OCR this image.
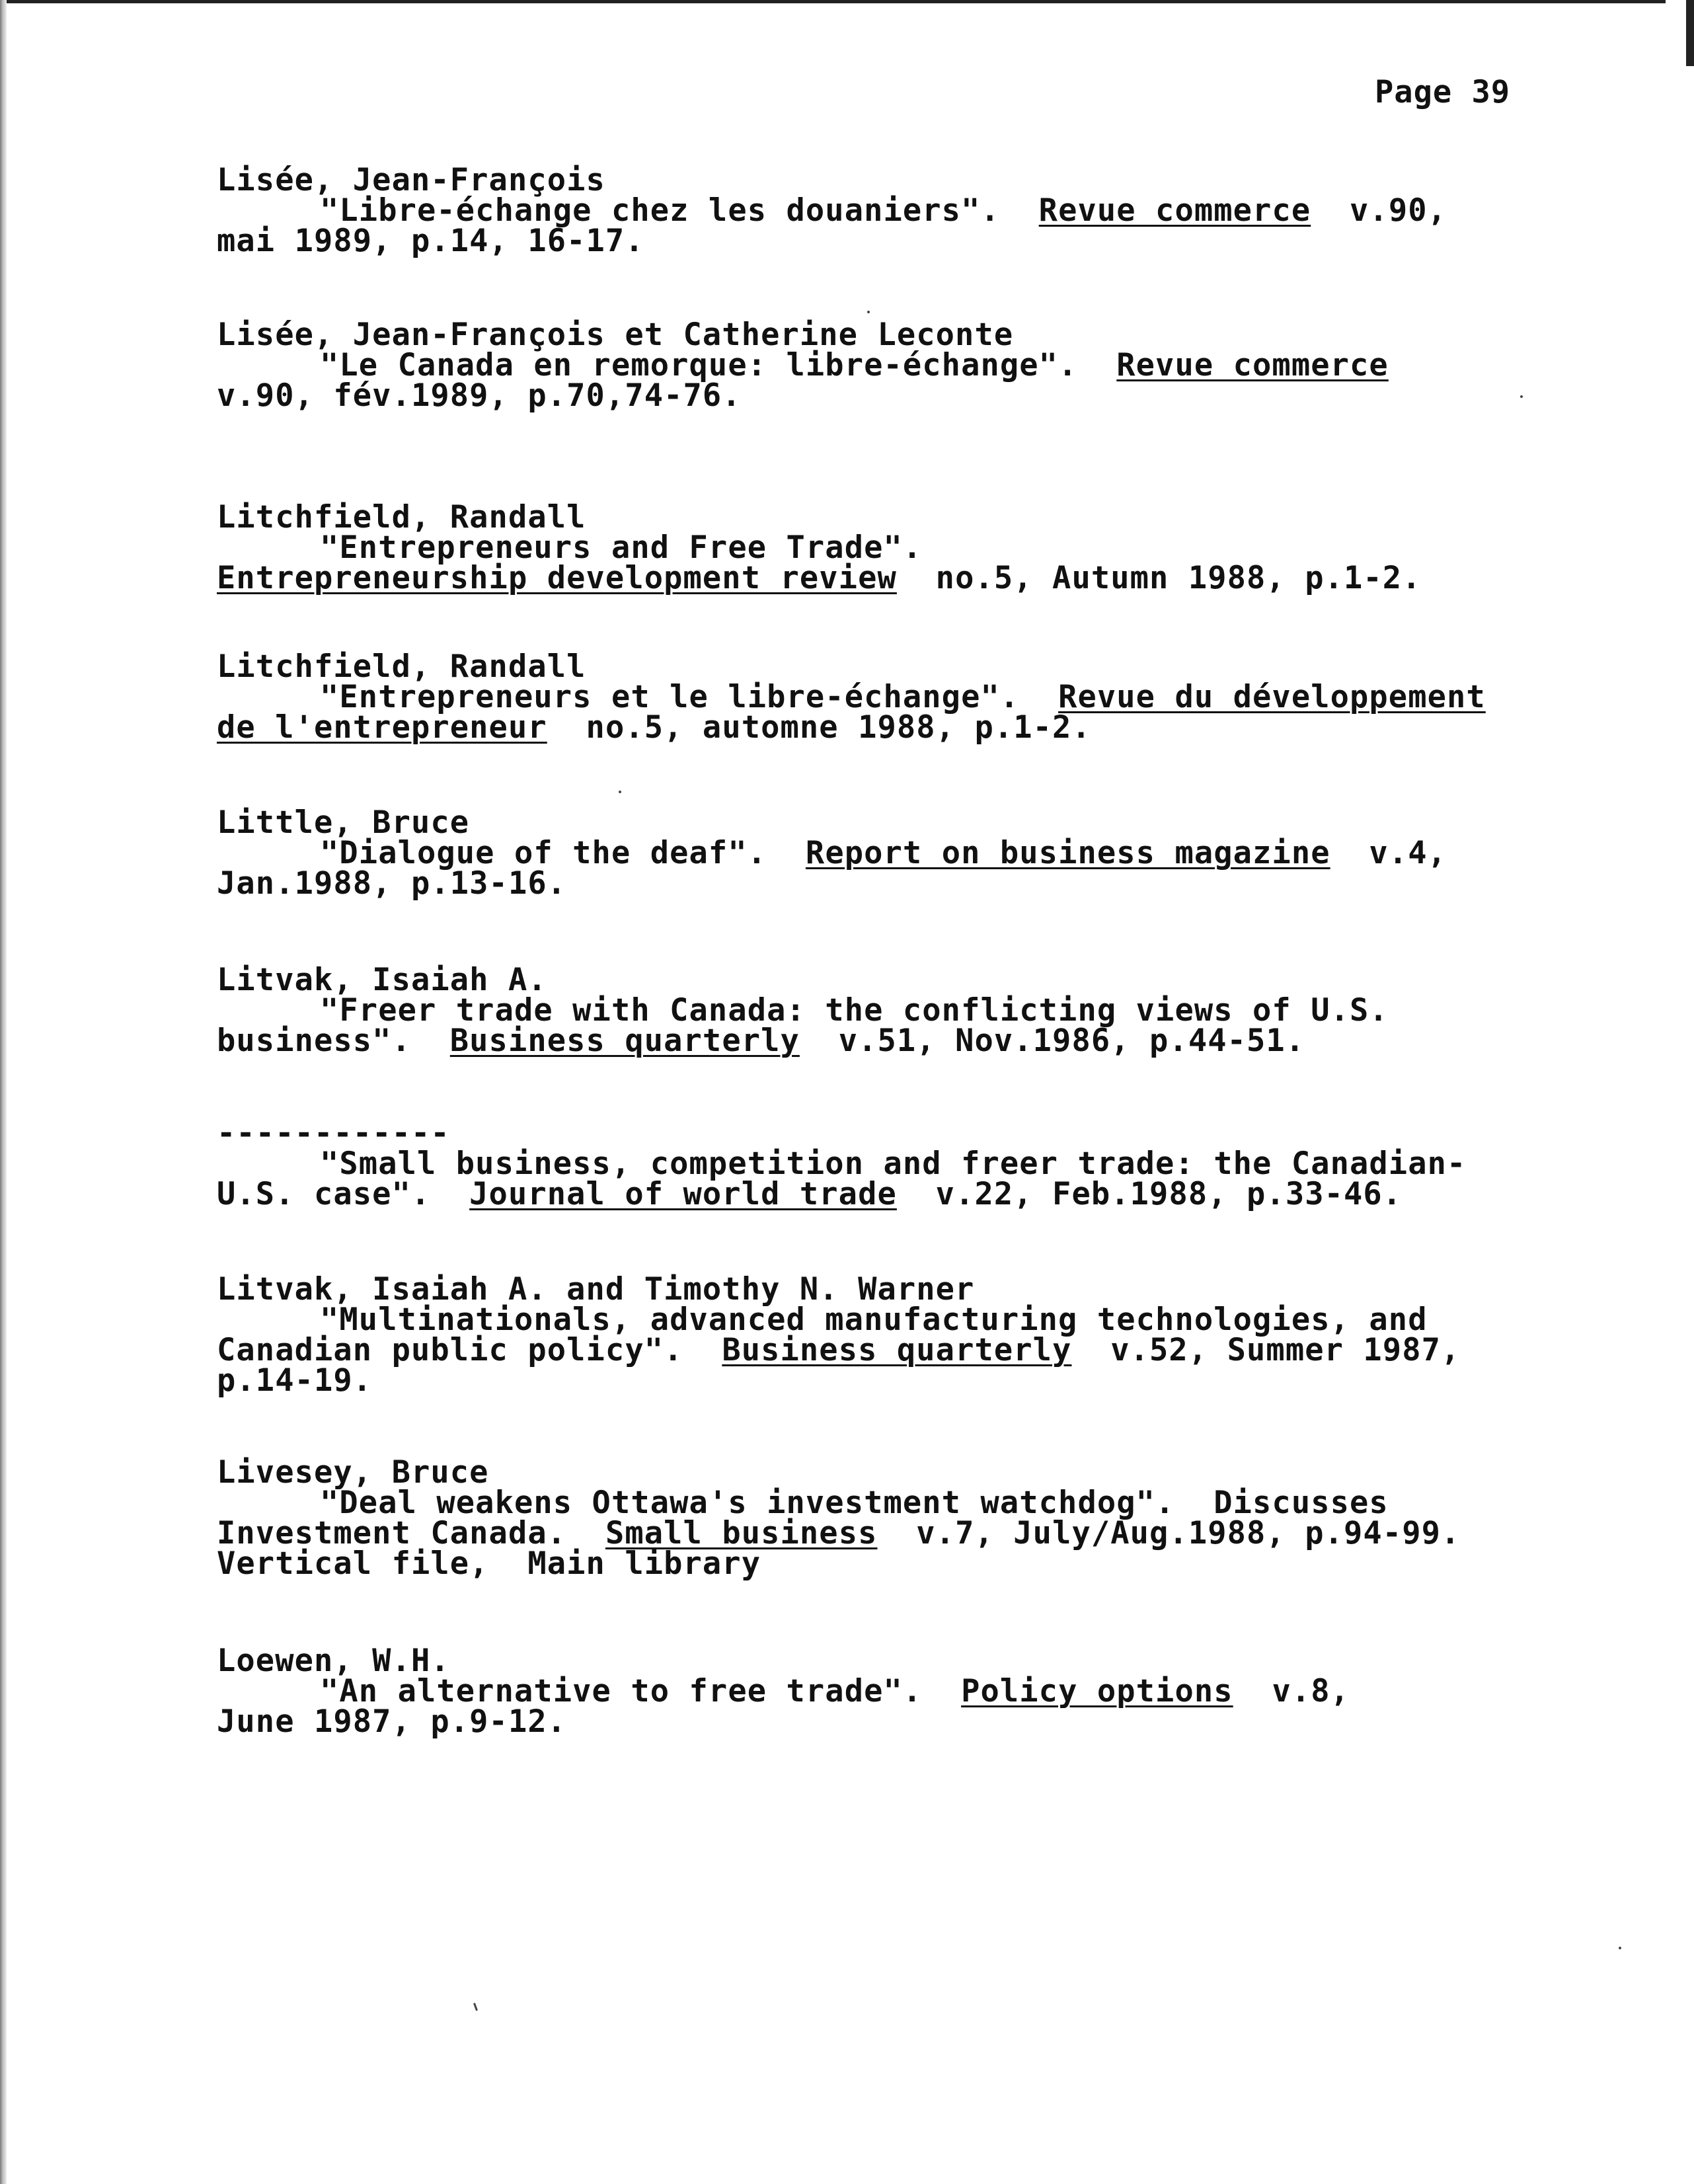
Page 39
Lisée, Jean-François
"Libre-échange chez les douaniers".  Revue commerce  v.90,
mai 1989, p.14, 16-17.
Lisée, Jean-François et Catherine Leconte
"Le Canada en remorque: libre-échange".  Revue commerce
v.90, fév.1989, p.70,74-76.
Litchfield, Randall
"Entrepreneurs and Free Trade".
Entrepreneurship development review  no.5, Autumn 1988, p.1-2.
Litchfield, Randall
"Entrepreneurs et le libre-échange".  Revue du développement
de l'entrepreneur  no.5, automne 1988, p.1-2.
Little, Bruce
"Dialogue of the deaf".  Report on business magazine  v.4,
Jan.1988, p.13-16.
Litvak, Isaiah A.
"Freer trade with Canada: the conflicting views of U.S.
business".  Business quarterly  v.51, Nov.1986, p.44-51.
------------
"Small business, competition and freer trade: the Canadian-
U.S. case".  Journal of world trade  v.22, Feb.1988, p.33-46.
Litvak, Isaiah A. and Timothy N. Warner
"Multinationals, advanced manufacturing technologies, and
Canadian public policy".  Business quarterly  v.52, Summer 1987,
p.14-19.
Livesey, Bruce
"Deal weakens Ottawa's investment watchdog".  Discusses
Investment Canada.  Small business  v.7, July/Aug.1988, p.94-99.
Vertical file,  Main library
Loewen, W.H.
"An alternative to free trade".  Policy options  v.8,
June 1987, p.9-12.
